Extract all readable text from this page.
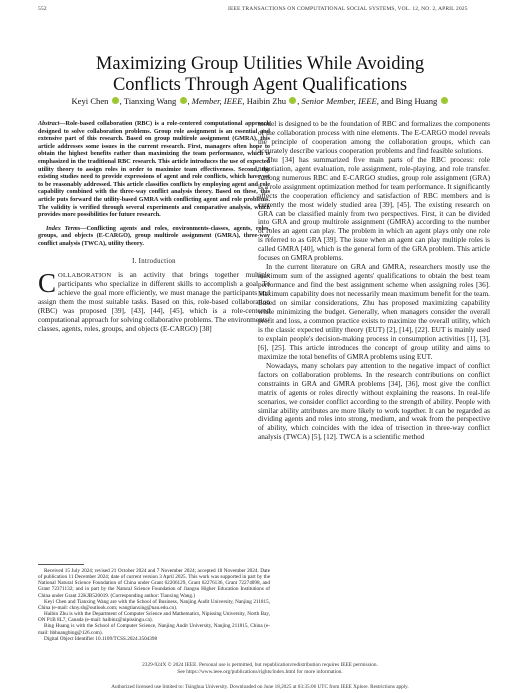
552	IEEE TRANSACTIONS ON COMPUTATIONAL SOCIAL SYSTEMS, VOL. 12, NO. 2, APRIL 2025
Maximizing Group Utilities While Avoiding
Conflicts Through Agent Qualifications
Keyi Chen , Tianxing Wang , Member, IEEE, Haibin Zhu , Senior Member, IEEE, and Bing Huang

Abstract—Role-based collaboration (RBC) is a role-centered computational approach designed to solve collaboration problems. Group role assignment is an essential and extensive part of this research. Based on group multirole assignment (GMRA), this article addresses some issues in the current research. First, managers often hope to obtain the highest benefits rather than maximizing the team performance, which is emphasized in the traditional RBC research. This article introduces the use of expected utility theory to assign roles in order to maximize team effectiveness. Second, the existing studies need to provide expressions of agent and role conflicts, which have yet to be reasonably addressed. This article classifies conflicts by employing agent and role capability combined with the three-way conflict analysis theory. Based on these, this article puts forward the utility-based GMRA with conflicting agent and role problems. The validity is verified through several experiments and comparative analysis, which provides more possibilities for future research.

Index Terms—Conflicting agents and roles, environments-classes, agents, roles, groups, and objects (E-CARGO), group multirole assignment (GMRA), three-way conflict analysis (TWCA), utility theory.

I. Introduction

COLLABORATION is an activity that brings together multiple participants who specialize in different skills to accomplish a goal. To achieve the goal more efficiently, we must manage the participants and assign them the most suitable tasks. Based on this, role-based collaboration (RBC) was proposed [39], [43], [44], [45], which is a role-centered computational approach for solving collaborative problems. The environments-classes, agents, roles, groups, and objects (E-CARGO) [38]

Received 15 July 2024; revised 21 October 2024 and 7 November 2024; accepted 18 November 2024. Date of publication 11 December 2024; date of current version 3 April 2025. This work was supported in part by the National Natural Science Foundation of China under Grant 62206129, Grant 62276136, Grant 72274098, and Grant 72371132; and in part by the Natural Science Foundation of Jiangsu Higher Education Institutions of China under Grant 22KJB520019. (Corresponding author: Tianxing Wang.)

Keyi Chen and Tianxing Wang are with the School of Business, Nanjing Audit University, Nanjing 211815, China (e-mail: ckny.sh@outlook.com; wangtianxing@nau.edu.cn).

Haibin Zhu is with the Department of Computer Science and Mathematics, Nipissing University, North Bay, ON P1B 8L7, Canada (e-mail: haibinz@nipissingu.ca).

Bing Huang is with the School of Computer Science, Nanjing Audit University, Nanjing 211815, China (e-mail: hbhuangbing@126.com).

Digital Object Identifier 10.1109/TCSS.2024.3504398

model is designed to be the foundation of RBC and formalizes the components of the collaboration process with nine elements. The E-CARGO model reveals the principle of cooperation among the collaboration groups, which can accurately describe various cooperation problems and find feasible solutions.

Zhu [34] has summarized five main parts of the RBC process: role negotiation, agent evaluation, role assignment, role-playing, and role transfer. Among numerous RBC and E-CARGO studies, group role assignment (GRA) is a role assignment optimization method for team performance. It significantly affects the cooperation efficiency and satisfaction of RBC members and is currently the most widely studied area [39], [45]. The existing research on GRA can be classified mainly from two perspectives. First, it can be divided into GRA and group multirole assignment (GMRA) according to the number of roles an agent can play. The problem in which an agent plays only one role is referred to as GRA [39]. The issue when an agent can play multiple roles is called GMRA [40], which is the general form of the GRA problem. This article focuses on GMRA problems.

In the current literature on GRA and GMRA, researchers mostly use the maximum sum of the assigned agents' qualifications to obtain the best team performance and find the best assignment scheme when assigning roles [36]. Maximum capability does not necessarily mean maximum benefit for the team. Based on similar considerations, Zhu has proposed maximizing capability while minimizing the budget. Generally, when managers consider the overall profit and loss, a common practice exists to maximize the overall utility, which is the classic expected utility theory (EUT) [2], [14], [22]. EUT is mainly used to explain people's decision-making process in consumption activities [1], [3], [6], [25]. This article introduces the concept of group utility and aims to maximize the total benefits of GMRA problems using EUT.

Nowadays, many scholars pay attention to the negative impact of conflict factors on collaboration problems. In the research contributions on conflict constraints in GRA and GMRA problems [34], [36], most give the conflict matrix of agents or roles directly without explaining the reasons. In real-life scenarios, we consider conflict according to the strength of ability. People with similar ability attributes are more likely to work together. It can be regarded as dividing agents and roles into strong, medium, and weak from the perspective of ability, which coincides with the idea of trisection in three-way conflict analysis (TWCA) [5], [12]. TWCA is a scientific method

2329-924X © 2024 IEEE. Personal use is permitted, but republication/redistribution requires IEEE permission.
See https://www.ieee.org/publications/rights/index.html for more information.
Authorized licensed use limited to: Tsinghua University. Downloaded on June 18,2025 at 03:35:06 UTC from IEEE Xplore. Restrictions apply.
